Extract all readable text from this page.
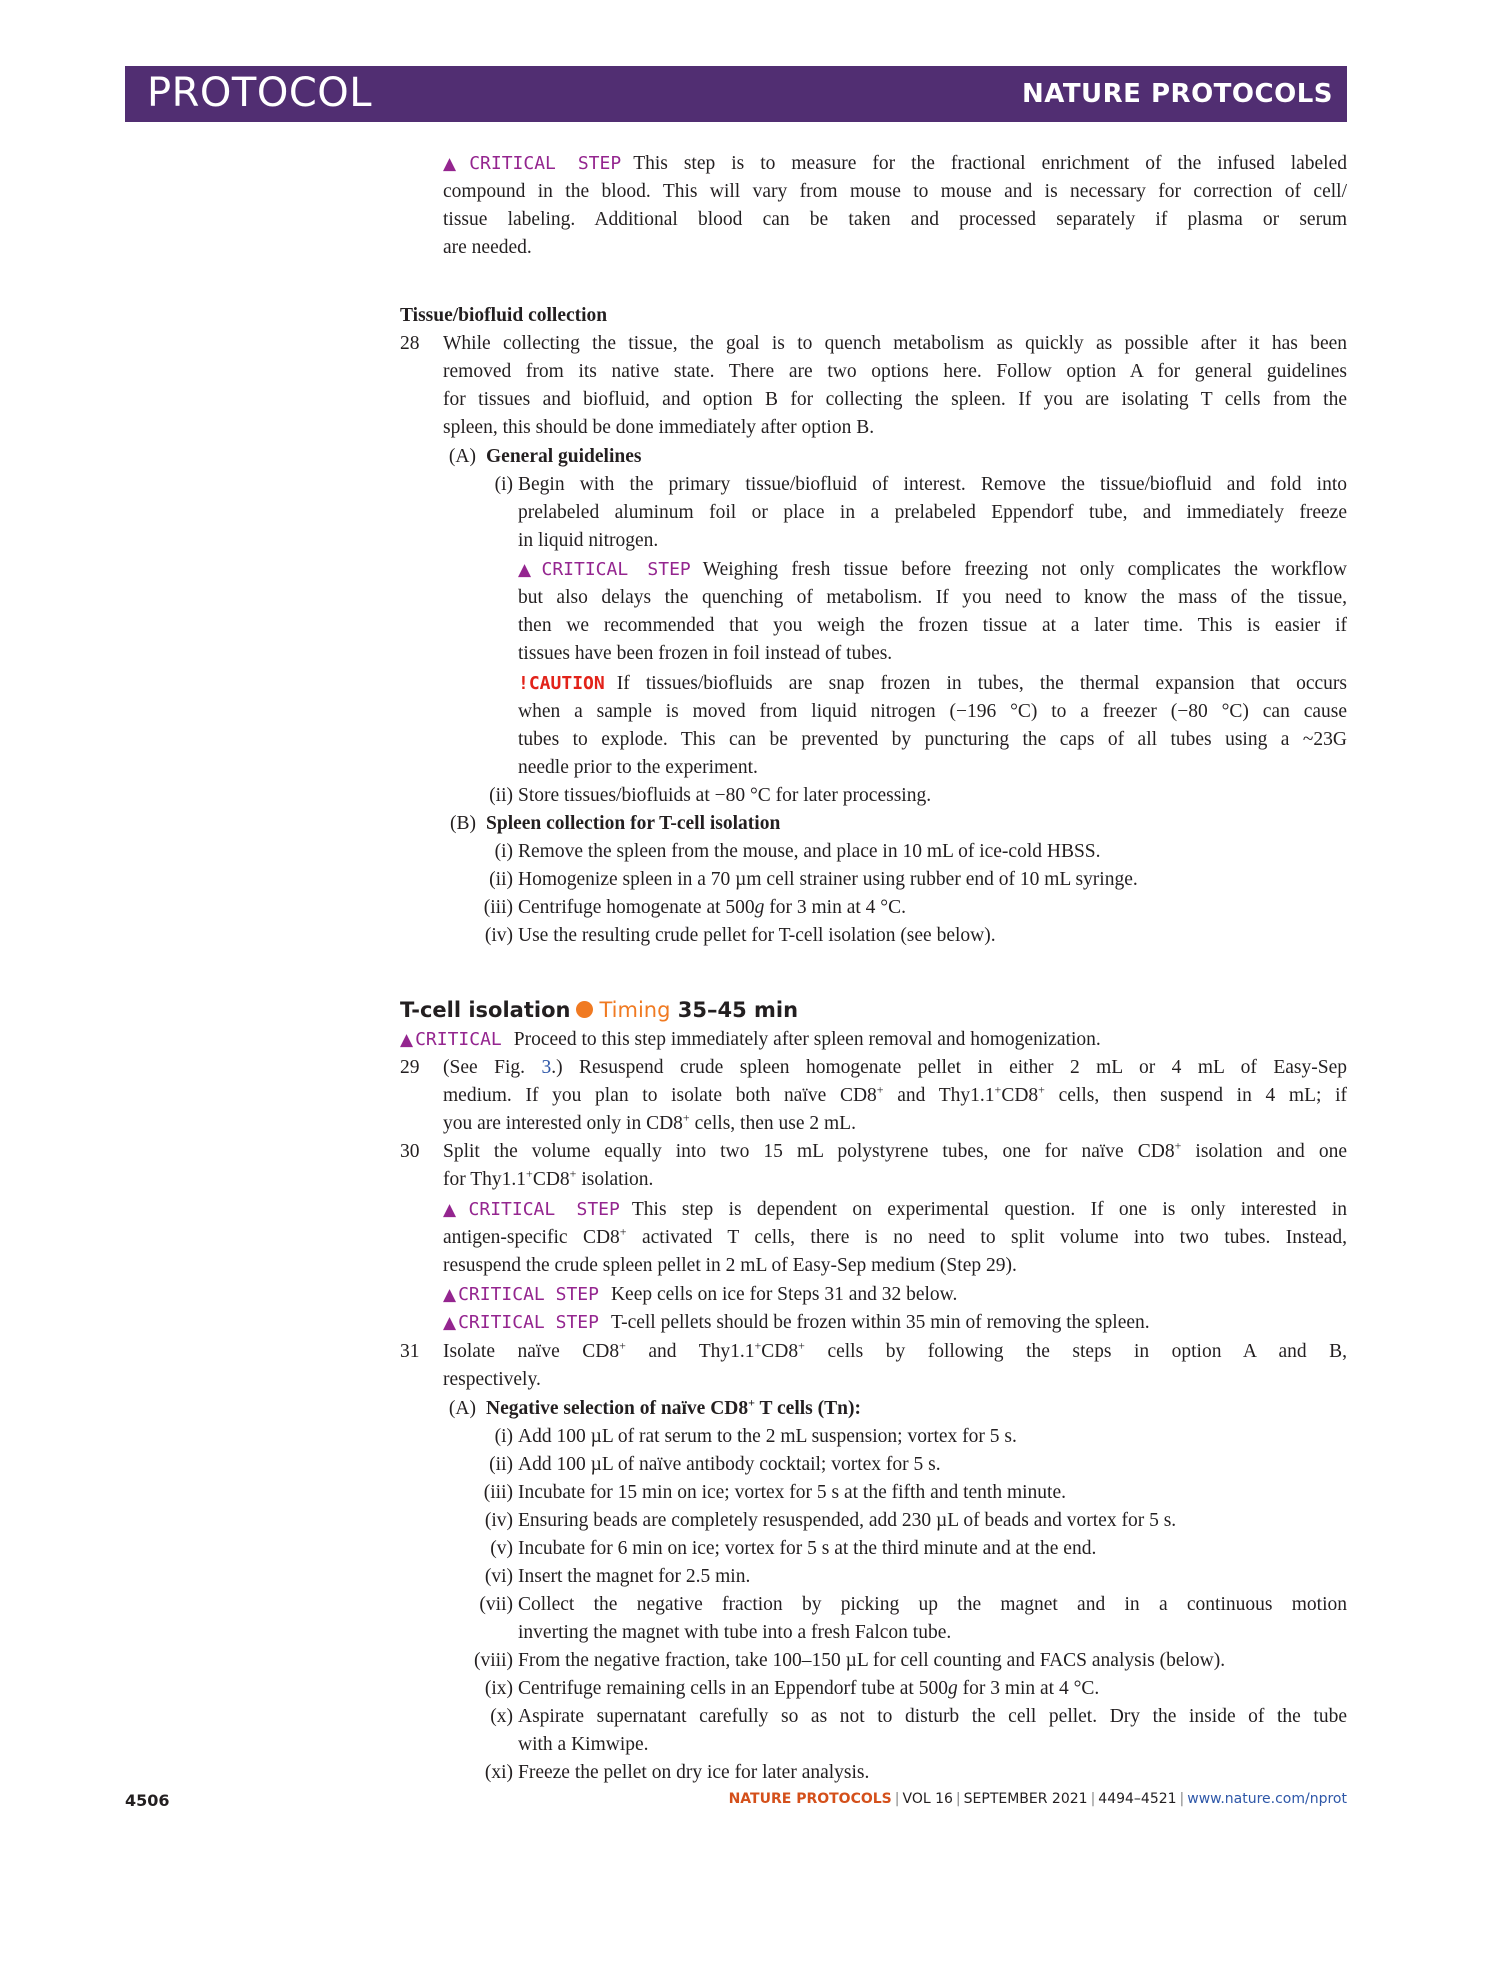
PROTOCOL	NATURE PROTOCOLS
▲ CRITICAL STEP This step is to measure for the fractional enrichment of the infused labeled
compound in the blood. This will vary from mouse to mouse and is necessary for correction of cell/
tissue labeling. Additional blood can be taken and processed separately if plasma or serum
are needed.
Tissue/biofluid collection
28 While collecting the tissue, the goal is to quench metabolism as quickly as possible after it has been
removed from its native state. There are two options here. Follow option A for general guidelines
for tissues and biofluid, and option B for collecting the spleen. If you are isolating T cells from the
spleen, this should be done immediately after option B.
(A) General guidelines
(i) Begin with the primary tissue/biofluid of interest. Remove the tissue/biofluid and fold into
prelabeled aluminum foil or place in a prelabeled Eppendorf tube, and immediately freeze
in liquid nitrogen.
▲ CRITICAL STEP Weighing fresh tissue before freezing not only complicates the workflow
but also delays the quenching of metabolism. If you need to know the mass of the tissue,
then we recommended that you weigh the frozen tissue at a later time. This is easier if
tissues have been frozen in foil instead of tubes.
!CAUTION If tissues/biofluids are snap frozen in tubes, the thermal expansion that occurs
when a sample is moved from liquid nitrogen (−196 °C) to a freezer (−80 °C) can cause
tubes to explode. This can be prevented by puncturing the caps of all tubes using a ~23G
needle prior to the experiment.
(ii) Store tissues/biofluids at −80 °C for later processing.
(B) Spleen collection for T-cell isolation
(i) Remove the spleen from the mouse, and place in 10 mL of ice-cold HBSS.
(ii) Homogenize spleen in a 70 µm cell strainer using rubber end of 10 mL syringe.
(iii) Centrifuge homogenate at 500g for 3 min at 4 °C.
(iv) Use the resulting crude pellet for T-cell isolation (see below).
T-cell isolation Timing 35–45 min
▲ CRITICAL Proceed to this step immediately after spleen removal and homogenization.
29 (See Fig. 3.) Resuspend crude spleen homogenate pellet in either 2 mL or 4 mL of Easy-Sep
medium. If you plan to isolate both naïve CD8+ and Thy1.1+CD8+ cells, then suspend in 4 mL; if
you are interested only in CD8+ cells, then use 2 mL.
30 Split the volume equally into two 15 mL polystyrene tubes, one for naïve CD8+ isolation and one
for Thy1.1+CD8+ isolation.
▲ CRITICAL STEP This step is dependent on experimental question. If one is only interested in
antigen-specific CD8+ activated T cells, there is no need to split volume into two tubes. Instead,
resuspend the crude spleen pellet in 2 mL of Easy-Sep medium (Step 29).
▲ CRITICAL STEP Keep cells on ice for Steps 31 and 32 below.
▲ CRITICAL STEP T-cell pellets should be frozen within 35 min of removing the spleen.
31 Isolate naïve CD8+ and Thy1.1+CD8+ cells by following the steps in option A and B,
respectively.
(A) Negative selection of naïve CD8+ T cells (Tn):
(i) Add 100 µL of rat serum to the 2 mL suspension; vortex for 5 s.
(ii) Add 100 µL of naïve antibody cocktail; vortex for 5 s.
(iii) Incubate for 15 min on ice; vortex for 5 s at the fifth and tenth minute.
(iv) Ensuring beads are completely resuspended, add 230 µL of beads and vortex for 5 s.
(v) Incubate for 6 min on ice; vortex for 5 s at the third minute and at the end.
(vi) Insert the magnet for 2.5 min.
(vii) Collect the negative fraction by picking up the magnet and in a continuous motion
inverting the magnet with tube into a fresh Falcon tube.
(viii) From the negative fraction, take 100–150 µL for cell counting and FACS analysis (below).
(ix) Centrifuge remaining cells in an Eppendorf tube at 500g for 3 min at 4 °C.
(x) Aspirate supernatant carefully so as not to disturb the cell pellet. Dry the inside of the tube
with a Kimwipe.
(xi) Freeze the pellet on dry ice for later analysis.
4506	NATURE PROTOCOLS | VOL 16 | SEPTEMBER 2021 | 4494–4521 | www.nature.com/nprot
